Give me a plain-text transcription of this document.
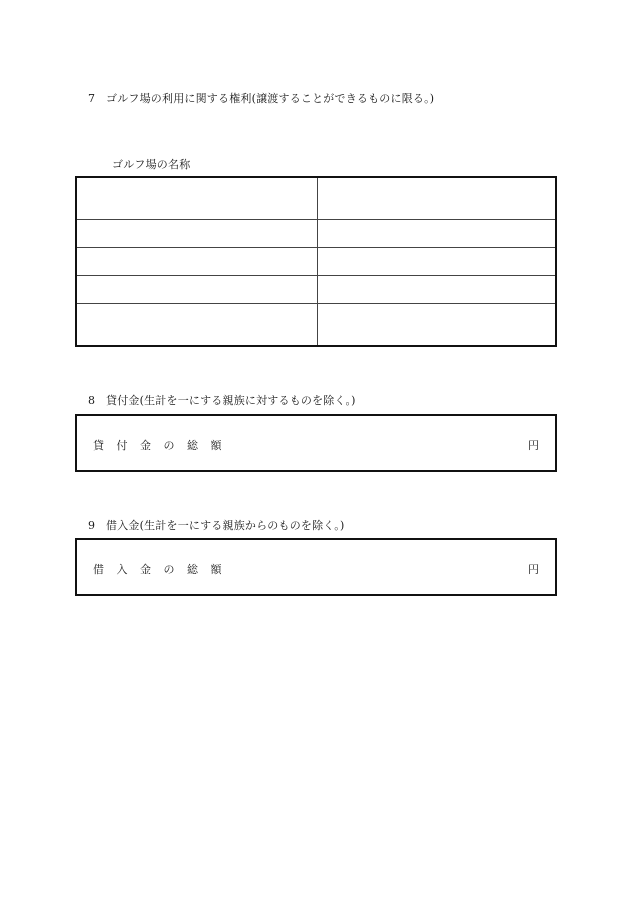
7 ゴルフ場の利用に関する権利(譲渡することができるものに限る。)
ゴルフ場の名称

8 貸付金(生計を一にする親族に対するものを除く。)
貸付金の総額	円
9 借入金(生計を一にする親族からのものを除く。)
借入金の総額	円
